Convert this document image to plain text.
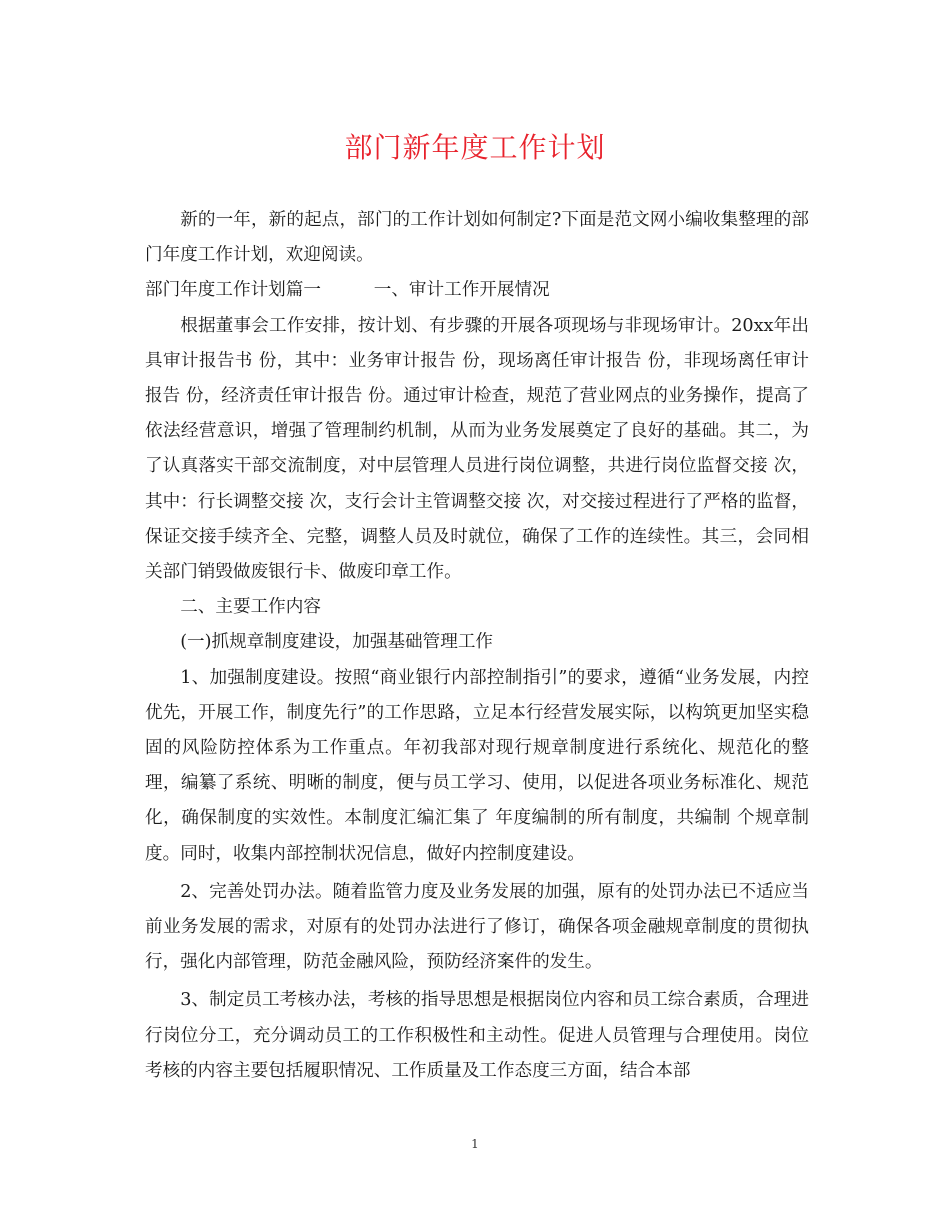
部门新年度工作计划

新的一年，新的起点，部门的工作计划如何制定?下面是范文网小编收集整理的部门年度工作计划，欢迎阅读。

部门年度工作计划篇一　　　一、审计工作开展情况

根据董事会工作安排，按计划、有步骤的开展各项现场与非现场审计。20xx年出具审计报告书 份，其中：业务审计报告 份，现场离任审计报告 份，非现场离任审计报告 份，经济责任审计报告 份。通过审计检查，规范了营业网点的业务操作，提高了依法经营意识，增强了管理制约机制，从而为业务发展奠定了良好的基础。其二，为了认真落实干部交流制度，对中层管理人员进行岗位调整，共进行岗位监督交接 次，其中：行长调整交接 次，支行会计主管调整交接 次，对交接过程进行了严格的监督，保证交接手续齐全、完整，调整人员及时就位，确保了工作的连续性。其三，会同相关部门销毁做废银行卡、做废印章工作。

二、主要工作内容

(一)抓规章制度建设，加强基础管理工作

1、加强制度建设。按照“商业银行内部控制指引”的要求，遵循“业务发展，内控优先，开展工作，制度先行”的工作思路，立足本行经营发展实际，以构筑更加坚实稳固的风险防控体系为工作重点。年初我部对现行规章制度进行系统化、规范化的整理，编纂了系统、明晰的制度，便与员工学习、使用，以促进各项业务标准化、规范化，确保制度的实效性。本制度汇编汇集了 年度编制的所有制度，共编制 个规章制度。同时，收集内部控制状况信息，做好内控制度建设。

2、完善处罚办法。随着监管力度及业务发展的加强，原有的处罚办法已不适应当前业务发展的需求，对原有的处罚办法进行了修订，确保各项金融规章制度的贯彻执行，强化内部管理，防范金融风险，预防经济案件的发生。

3、制定员工考核办法，考核的指导思想是根据岗位内容和员工综合素质，合理进行岗位分工，充分调动员工的工作积极性和主动性。促进人员管理与合理使用。岗位考核的内容主要包括履职情况、工作质量及工作态度三方面，结合本部

1
